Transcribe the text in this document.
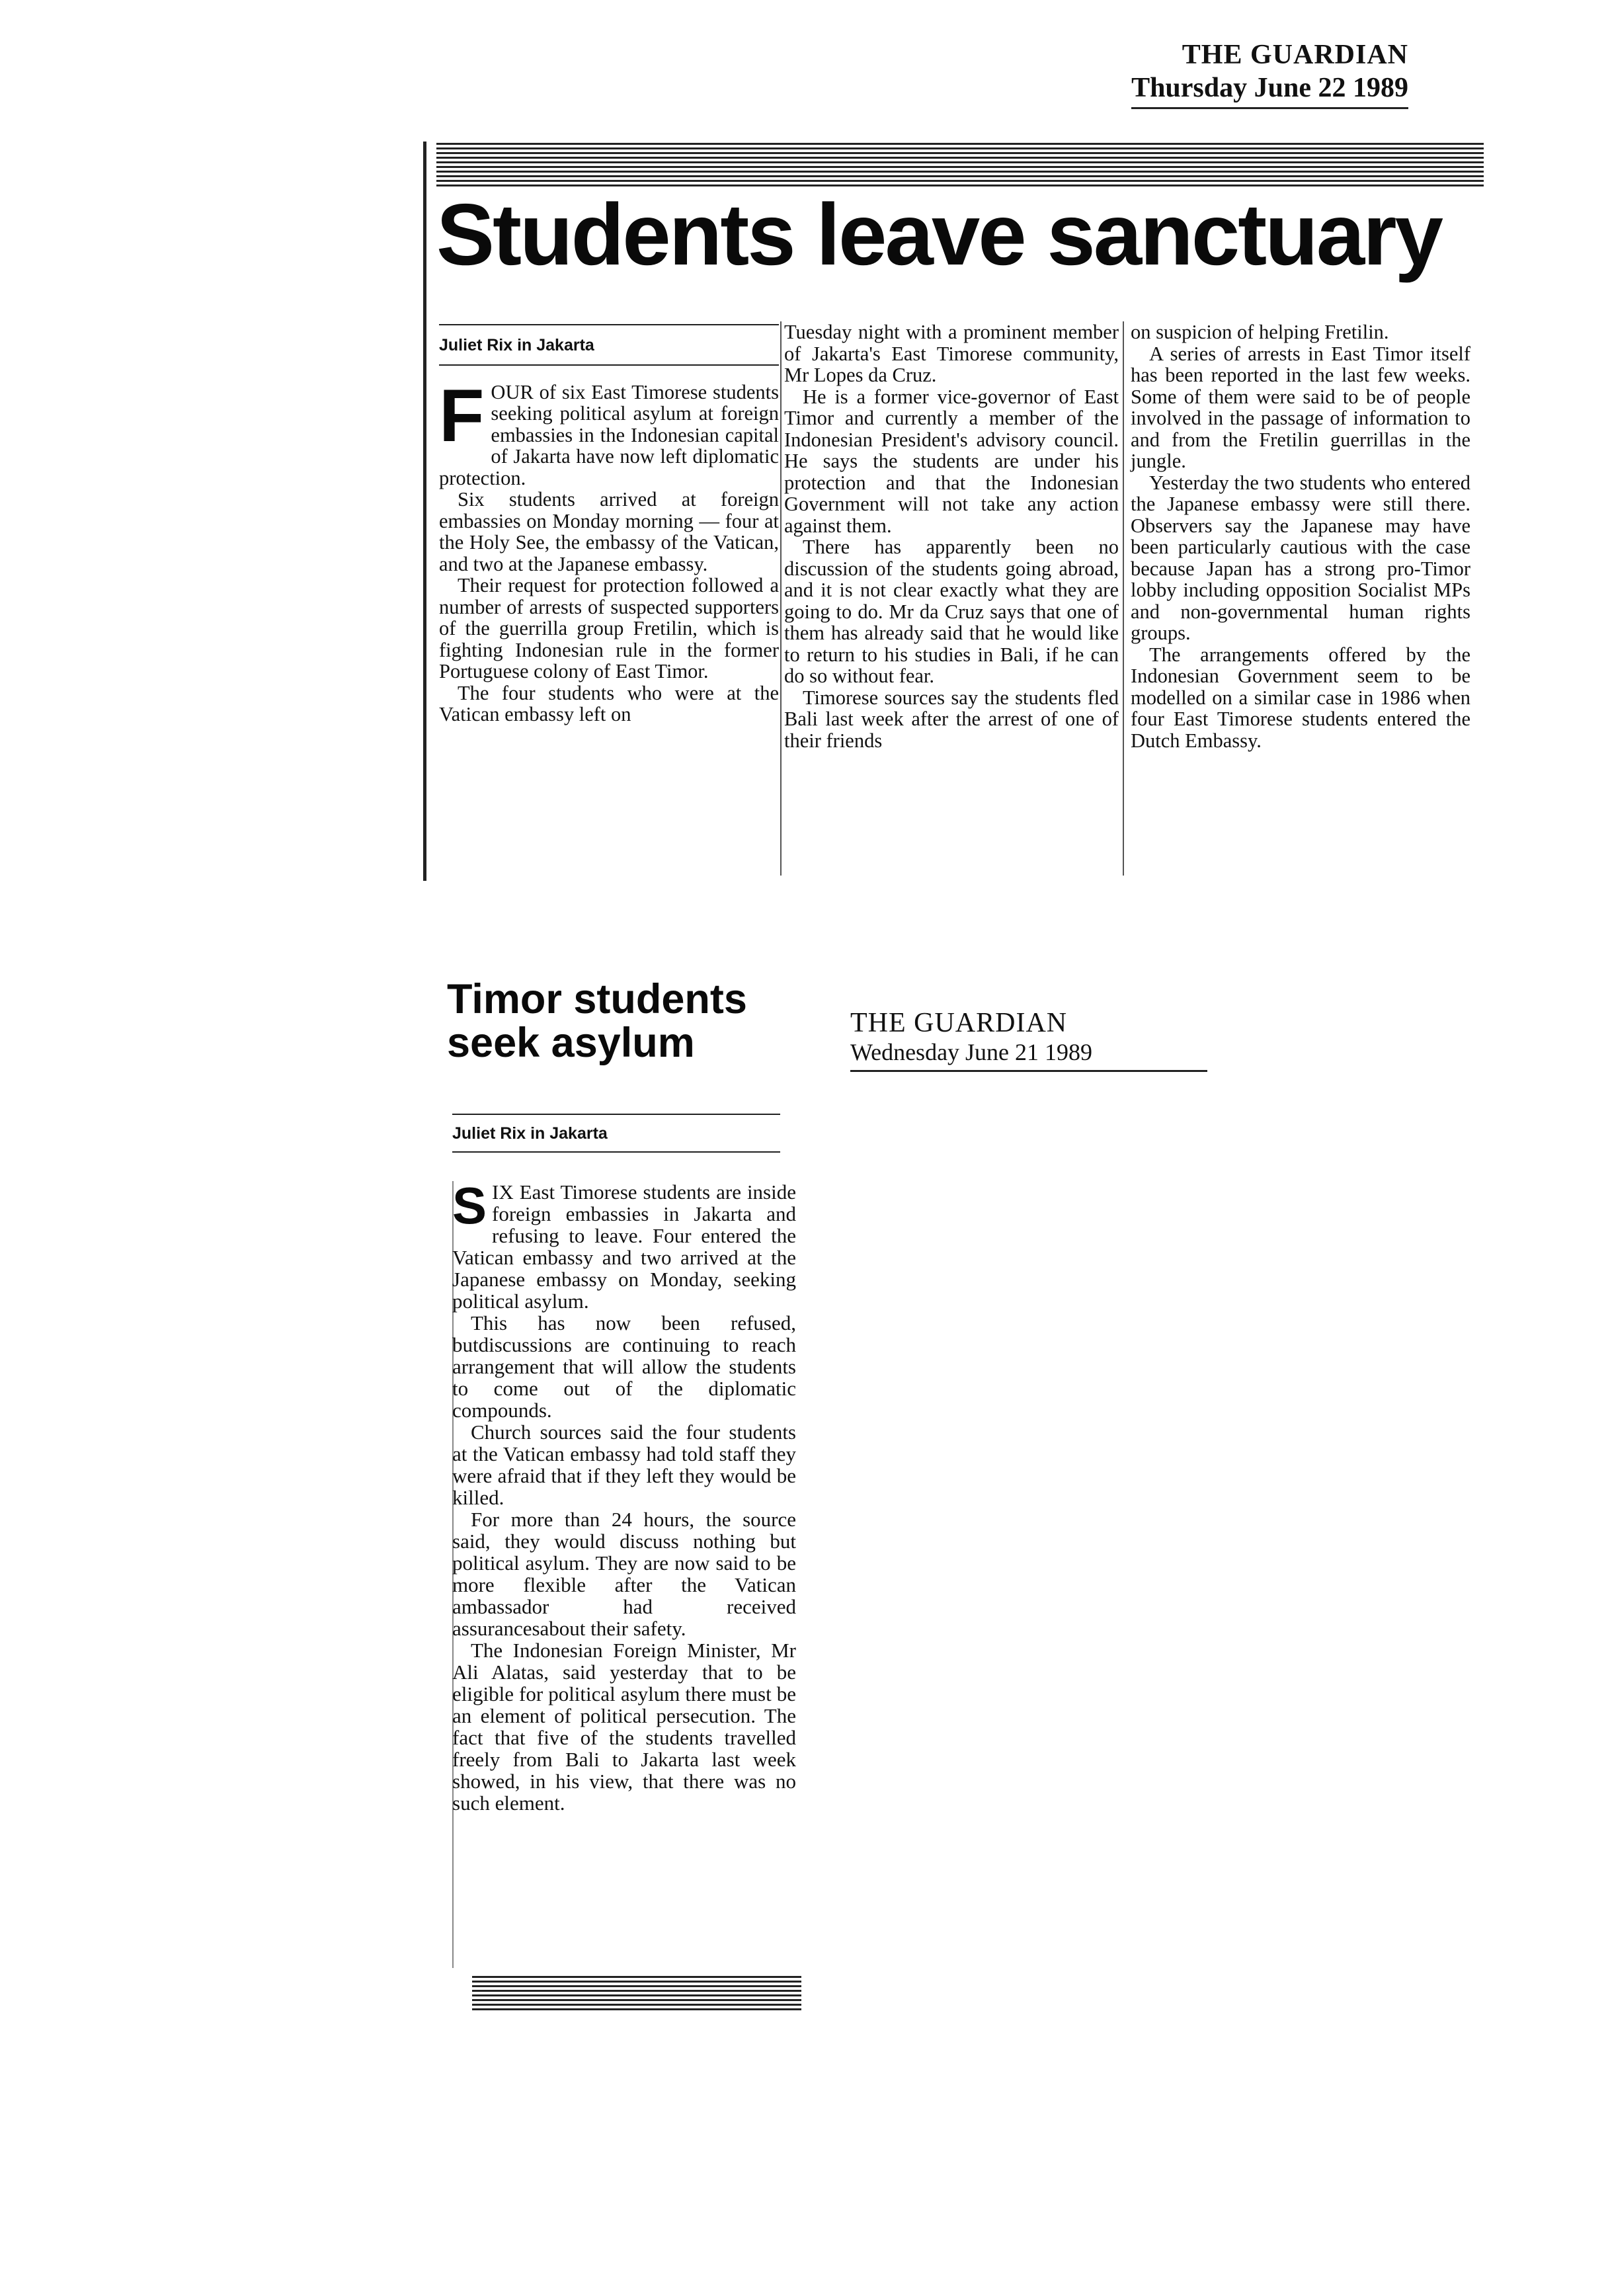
THE GUARDIAN
Thursday June 22 1989
Students leave sanctuary
Juliet Rix in Jakarta

FOUR of six East Timorese students seeking political asylum at foreign embassies in the Indonesian capital of Jakarta have now left diplomatic protection.

Six students arrived at foreign embassies on Monday morning — four at the Holy See, the embassy of the Vatican, and two at the Japanese embassy.

Their request for protection followed a number of arrests of suspected supporters of the guerrilla group Fretilin, which is fighting Indonesian rule in the former Portuguese colony of East Timor.

The four students who were at the Vatican embassy left on

Tuesday night with a prominent member of Jakarta's East Timorese community, Mr Lopes da Cruz.

He is a former vice-governor of East Timor and currently a member of the Indonesian President's advisory council. He says the students are under his protection and that the Indonesian Government will not take any action against them.

There has apparently been no discussion of the students going abroad, and it is not clear exactly what they are going to do. Mr da Cruz says that one of them has already said that he would like to return to his studies in Bali, if he can do so without fear.

Timorese sources say the students fled Bali last week after the arrest of one of their friends

on suspicion of helping Fretilin.

A series of arrests in East Timor itself has been reported in the last few weeks. Some of them were said to be of people involved in the passage of information to and from the Fretilin guerrillas in the jungle.

Yesterday the two students who entered the Japanese embassy were still there. Observers say the Japanese may have been particularly cautious with the case because Japan has a strong pro-Timor lobby including opposition Socialist MPs and non-governmental human rights groups.

The arrangements offered by the Indonesian Government seem to be modelled on a similar case in 1986 when four East Timorese students entered the Dutch Embassy.

Timor students
seek asylum	THE GUARDIAN
Wednesday June 21 1989
Juliet Rix in Jakarta

SIX East Timorese students are inside foreign embassies in Jakarta and refusing to leave. Four entered the Vatican embassy and two arrived at the Japanese embassy on Monday, seeking political asylum.

This has now been refused, butdiscussions are continuing to reach arrangement that will allow the students to come out of the diplomatic compounds.

Church sources said the four students at the Vatican embassy had told staff they were afraid that if they left they would be killed.

For more than 24 hours, the source said, they would discuss nothing but political asylum. They are now said to be more flexible after the Vatican ambassador had received assurancesabout their safety.

The Indonesian Foreign Minister, Mr Ali Alatas, said yesterday that to be eligible for political asylum there must be an element of political persecution. The fact that five of the students travelled freely from Bali to Jakarta last week showed, in his view, that there was no such element.
